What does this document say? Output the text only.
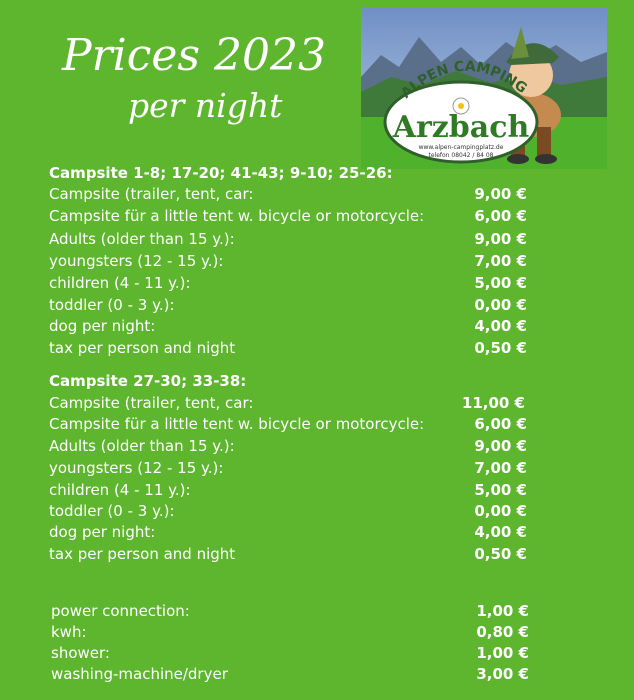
Prices 2023
per night	ALPEN CAMPING
Arzbach
www.alpen-campingplatz.de
telefon 08042 / 84 08
Campsite 1-8; 17-20; 41-43; 9-10; 25-26:
Campsite (trailer, tent, car:	9,00 €
Campsite für a little tent w. bicycle or motorcycle:	6,00 €
Adults (older than 15 y.):	9,00 €
youngsters (12 - 15 y.):	7,00 €
children (4 - 11 y.):	5,00 €
toddler (0 - 3 y.):	0,00 €
dog per night:	4,00 €
tax per person and night	0,50 €
Campsite 27-30; 33-38:
Campsite (trailer, tent, car:	11,00 €
Campsite für a little tent w. bicycle or motorcycle:	6,00 €
Adults (older than 15 y.):	9,00 €
youngsters (12 - 15 y.):	7,00 €
children (4 - 11 y.):	5,00 €
toddler (0 - 3 y.):	0,00 €
dog per night:	4,00 €
tax per person and night	0,50 €
power connection:	1,00 €
kwh:	0,80 €
shower:	1,00 €
washing-machine/dryer	3,00 €
